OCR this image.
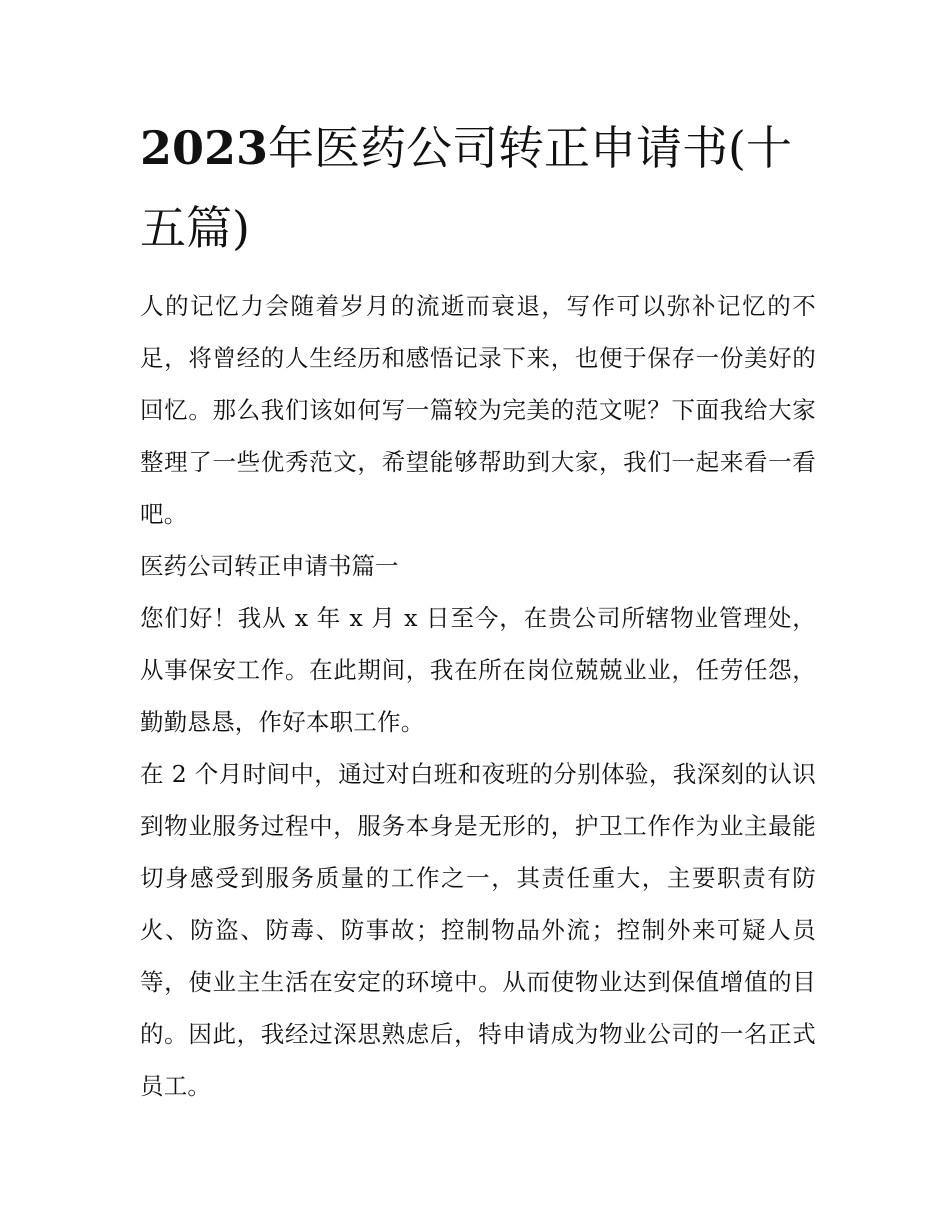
2023年医药公司转正申请书(十五篇)

人的记忆力会随着岁月的流逝而衰退，写作可以弥补记忆的不足，将曾经的人生经历和感悟记录下来，也便于保存一份美好的回忆。那么我们该如何写一篇较为完美的范文呢？下面我给大家整理了一些优秀范文，希望能够帮助到大家，我们一起来看一看吧。

医药公司转正申请书篇一

您们好！我从 x 年 x 月 x 日至今，在贵公司所辖物业管理处，从事保安工作。在此期间，我在所在岗位兢兢业业，任劳任怨，勤勤恳恳，作好本职工作。

在 2 个月时间中，通过对白班和夜班的分别体验，我深刻的认识到物业服务过程中，服务本身是无形的，护卫工作作为业主最能切身感受到服务质量的工作之一，其责任重大，主要职责有防火、防盗、防毒、防事故；控制物品外流；控制外来可疑人员等，使业主生活在安定的环境中。从而使物业达到保值增值的目的。因此，我经过深思熟虑后，特申请成为物业公司的一名正式员工。
